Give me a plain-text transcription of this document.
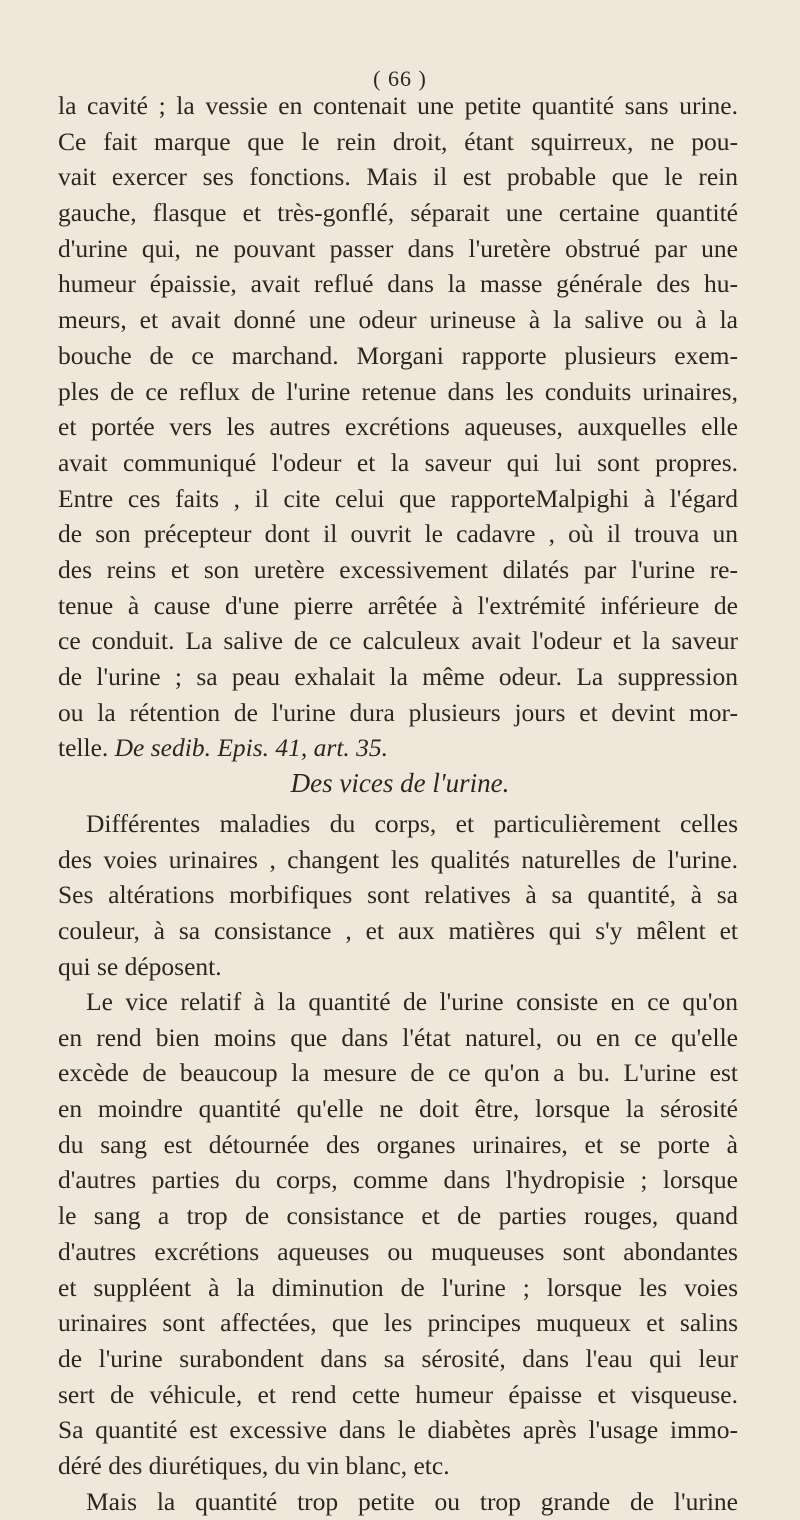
( 66 )
la cavité ; la vessie en contenait une petite quantité sans urine.
Ce fait marque que le rein droit, étant squirreux, ne pou-
vait exercer ses fonctions. Mais il est probable que le rein
gauche, flasque et très-gonflé, séparait une certaine quantité
d'urine qui, ne pouvant passer dans l'uretère obstrué par une
humeur épaissie, avait reflué dans la masse générale des hu-
meurs, et avait donné une odeur urineuse à la salive ou à la
bouche de ce marchand. Morgani rapporte plusieurs exem-
ples de ce reflux de l'urine retenue dans les conduits urinaires,
et portée vers les autres excrétions aqueuses, auxquelles elle
avait communiqué l'odeur et la saveur qui lui sont propres.
Entre ces faits , il cite celui que rapporteMalpighi à l'égard
de son précepteur dont il ouvrit le cadavre , où il trouva un
des reins et son uretère excessivement dilatés par l'urine re-
tenue à cause d'une pierre arrêtée à l'extrémité inférieure de
ce conduit. La salive de ce calculeux avait l'odeur et la saveur
de l'urine ; sa peau exhalait la même odeur. La suppression
ou la rétention de l'urine dura plusieurs jours et devint mor-
telle. De sedib. Epis. 41, art. 35.
Des vices de l'urine.
Différentes maladies du corps, et particulièrement celles
des voies urinaires , changent les qualités naturelles de l'urine.
Ses altérations morbifiques sont relatives à sa quantité, à sa
couleur, à sa consistance , et aux matières qui s'y mêlent et
qui se déposent.
Le vice relatif à la quantité de l'urine consiste en ce qu'on
en rend bien moins que dans l'état naturel, ou en ce qu'elle
excède de beaucoup la mesure de ce qu'on a bu. L'urine est
en moindre quantité qu'elle ne doit être, lorsque la sérosité
du sang est détournée des organes urinaires, et se porte à
d'autres parties du corps, comme dans l'hydropisie ; lorsque
le sang a trop de consistance et de parties rouges, quand
d'autres excrétions aqueuses ou muqueuses sont abondantes
et suppléent à la diminution de l'urine ; lorsque les voies
urinaires sont affectées, que les principes muqueux et salins
de l'urine surabondent dans sa sérosité, dans l'eau qui leur
sert de véhicule, et rend cette humeur épaisse et visqueuse.
Sa quantité est excessive dans le diabètes après l'usage immo-
déré des diurétiques, du vin blanc, etc.
Mais la quantité trop petite ou trop grande de l'urine
